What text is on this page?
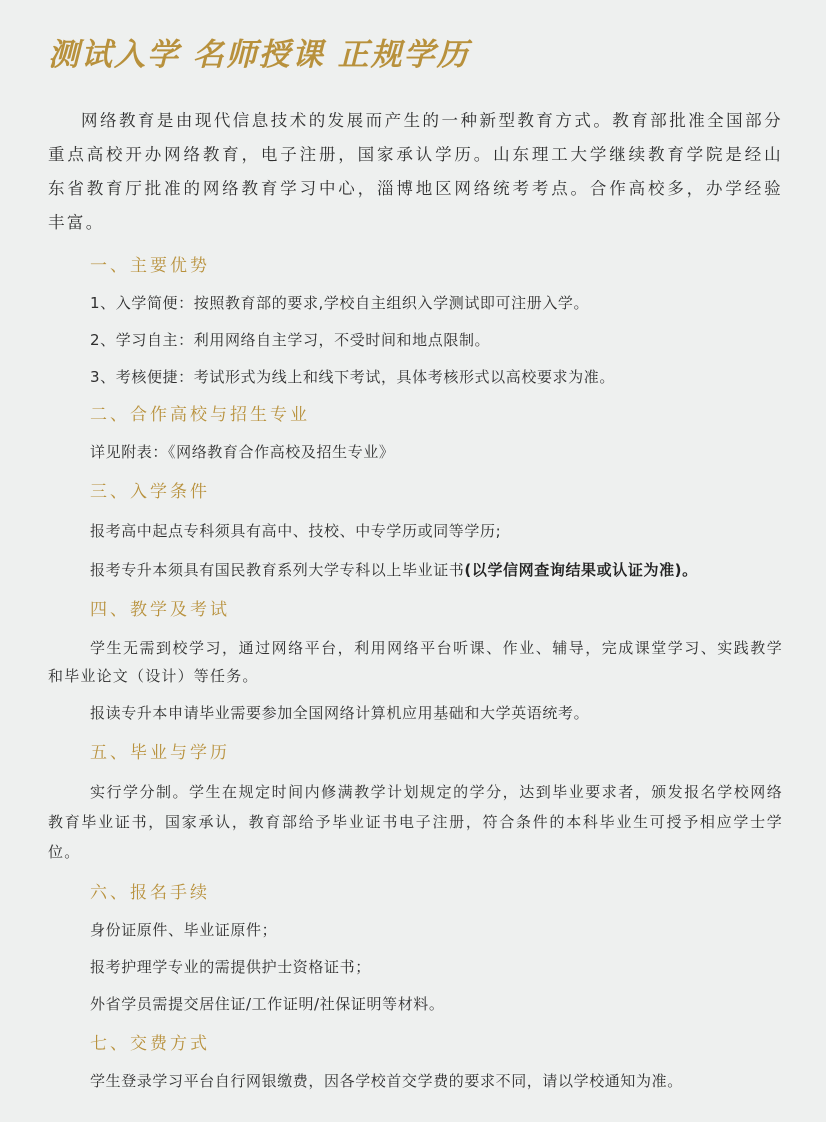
测试入学 名师授课 正规学历

网络教育是由现代信息技术的发展而产生的一种新型教育方式。教育部批准全国部分重点高校开办网络教育，电子注册，国家承认学历。山东理工大学继续教育学院是经山东省教育厅批准的网络教育学习中心，淄博地区网络统考考点。合作高校多，办学经验丰富。

一、主要优势

1、入学简便：按照教育部的要求,学校自主组织入学测试即可注册入学。

2、学习自主：利用网络自主学习，不受时间和地点限制。

3、考核便捷：考试形式为线上和线下考试，具体考核形式以高校要求为准。

二、合作高校与招生专业

详见附表：《网络教育合作高校及招生专业》

三、入学条件

报考高中起点专科须具有高中、技校、中专学历或同等学历;

报考专升本须具有国民教育系列大学专科以上毕业证书(以学信网查询结果或认证为准)。

四、教学及考试

学生无需到校学习，通过网络平台，利用网络平台听课、作业、辅导，完成课堂学习、实践教学和毕业论文（设计）等任务。

报读专升本申请毕业需要参加全国网络计算机应用基础和大学英语统考。

五、毕业与学历

实行学分制。学生在规定时间内修满教学计划规定的学分，达到毕业要求者，颁发报名学校网络教育毕业证书，国家承认，教育部给予毕业证书电子注册，符合条件的本科毕业生可授予相应学士学位。

六、报名手续

身份证原件、毕业证原件；

报考护理学专业的需提供护士资格证书；

外省学员需提交居住证/工作证明/社保证明等材料。

七、交费方式

学生登录学习平台自行网银缴费，因各学校首交学费的要求不同，请以学校通知为准。
